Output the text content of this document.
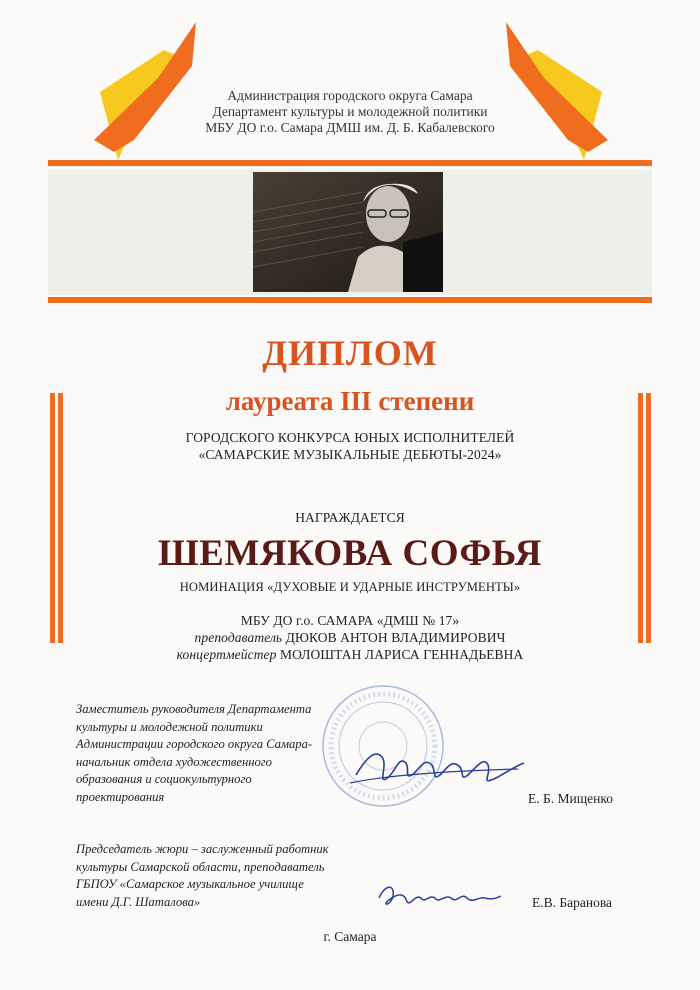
Администрация городского округа Самара
Департамент культуры и молодежной политики
МБУ ДО г.о. Самара ДМШ им. Д. Б. Кабалевского
ДИПЛОМ
лауреата III степени
ГОРОДСКОГО КОНКУРСА ЮНЫХ ИСПОЛНИТЕЛЕЙ
«САМАРСКИЕ МУЗЫКАЛЬНЫЕ ДЕБЮТЫ-2024»
НАГРАЖДАЕТСЯ
ШЕМЯКОВА СОФЬЯ
НОМИНАЦИЯ «ДУХОВЫЕ И УДАРНЫЕ ИНСТРУМЕНТЫ»
МБУ ДО г.о. САМАРА «ДМШ № 17»
преподаватель ДЮКОВ АНТОН ВЛАДИМИРОВИЧ
концертмейстер МОЛОШТАН ЛАРИСА ГЕННАДЬЕВНА
Заместитель руководителя Департамента
культуры и молодежной политики
Администрации городского округа Самара-
начальник отдела художественного
образования и социокультурного
проектирования	Е. Б. Мищенко
Председатель жюри – заслуженный работник
культуры Самарской области, преподаватель
ГБПОУ «Самарское музыкальное училище
имени Д.Г. Шаталова»	Е.В. Баранова
г. Самара
